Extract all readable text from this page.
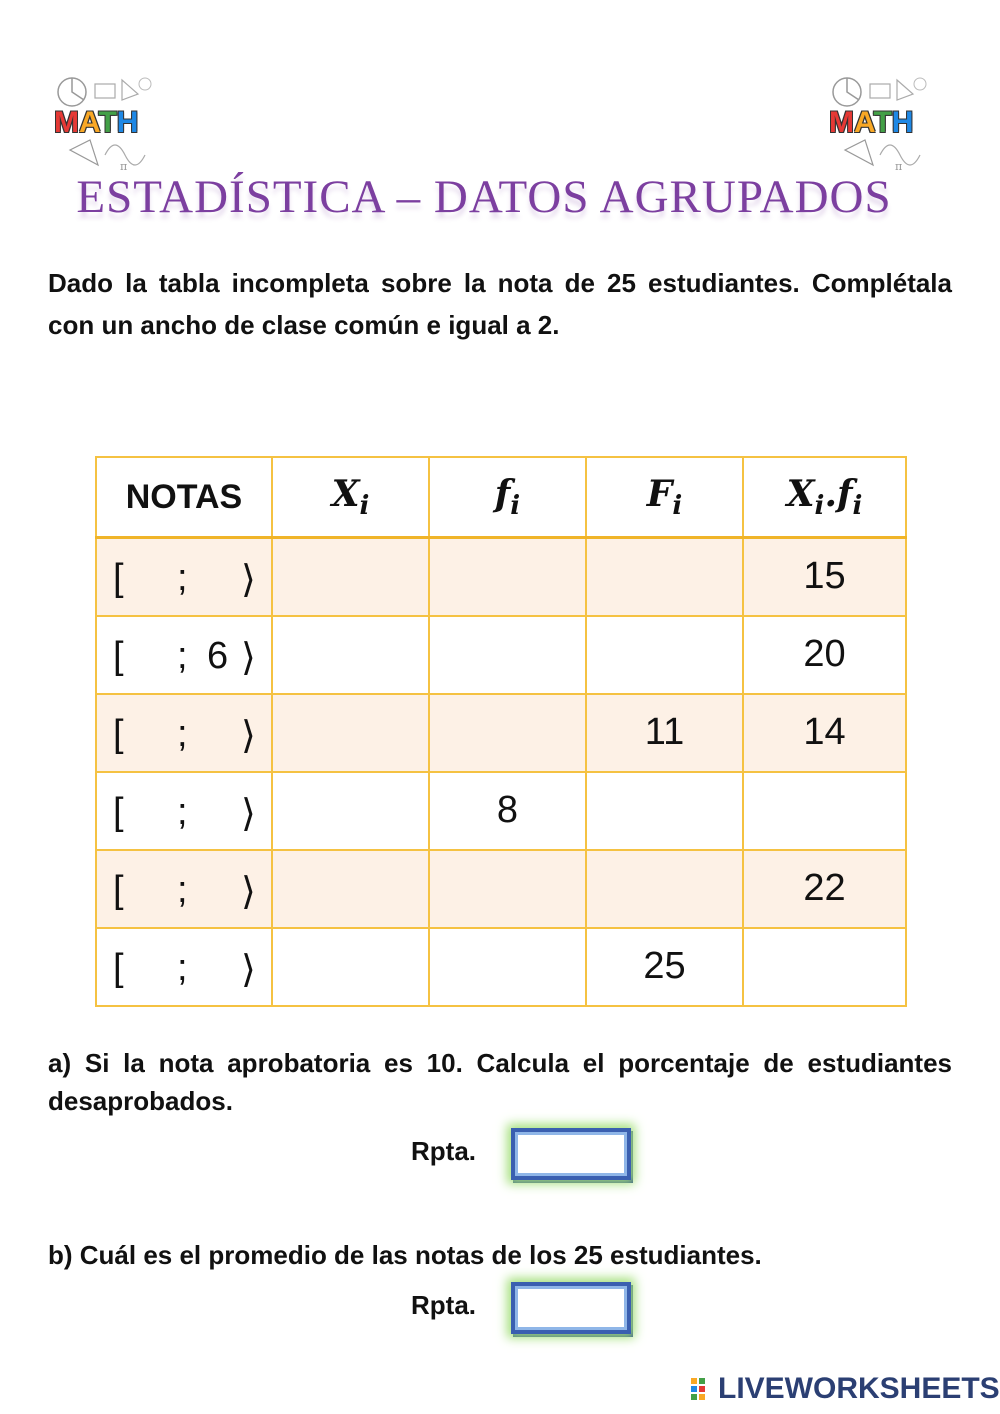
π
MATH
π
MATH
ESTADÍSTICA – DATOS AGRUPADOS
Dado la tabla incompleta sobre la nota de 25 estudiantes. Complétala con un ancho de clase común e igual a 2.
NOTAS	$X_i$	$f_i$	$F_i$	$X_i.f_i$

[ ; ⟩				15

[ ; 6 ⟩				20

[ ; ⟩			11	14

[ ; ⟩		8		

[ ; ⟩				22

[ ; ⟩			25	
a) Si la nota aprobatoria es 10. Calcula el porcentaje de estudiantes desaprobados.
Rpta.
b) Cuál es el promedio de las notas de los 25 estudiantes.
Rpta.
LIVEWORKSHEETS
